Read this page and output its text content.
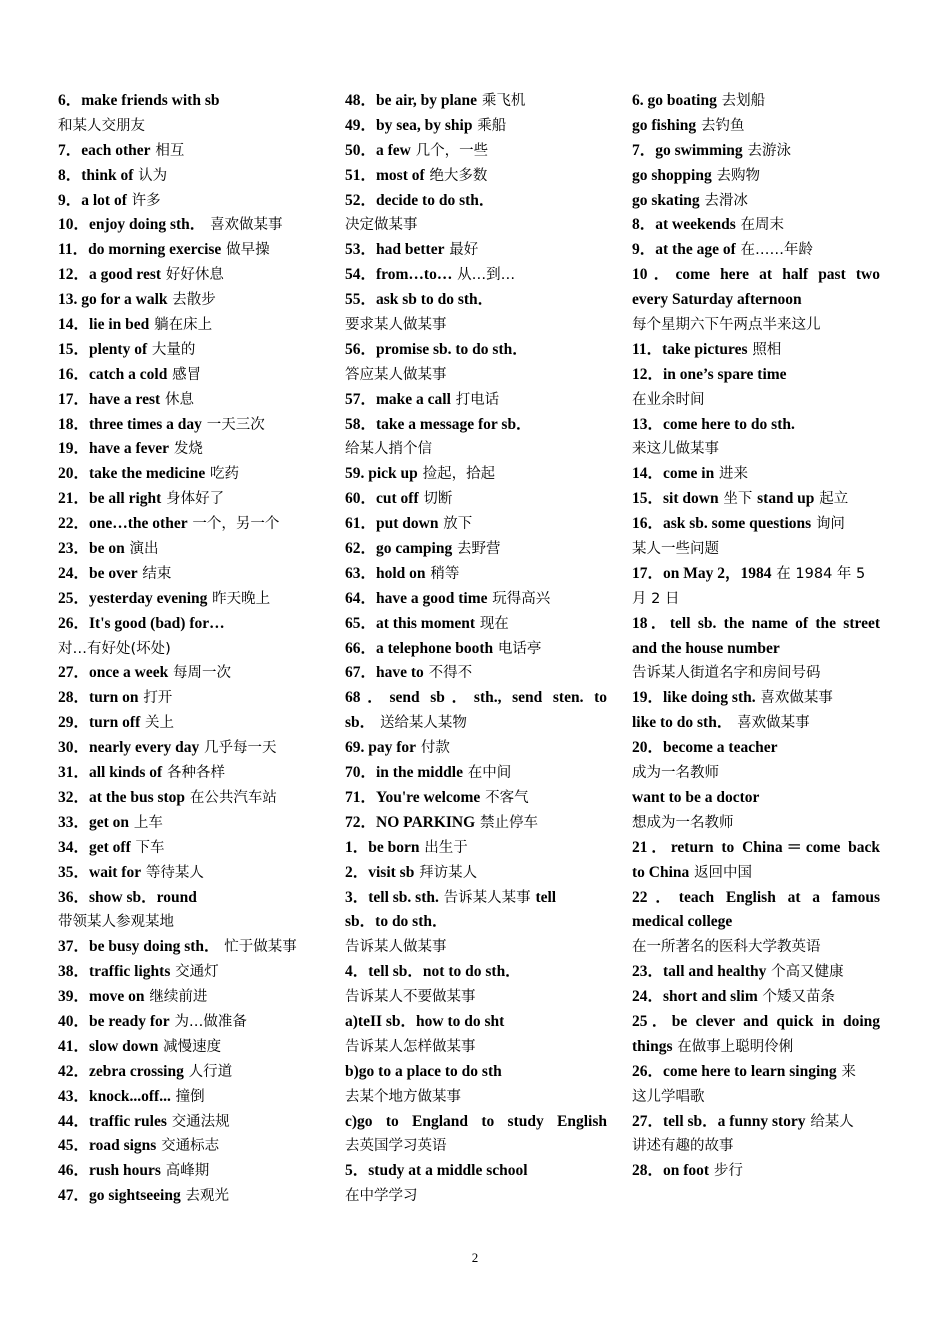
6．make friends with sb
和某人交朋友
7．each other 相互
8．think of 认为
9．a lot of 许多
10．enjoy doing sth． 喜欢做某事
11．do morning exercise 做早操
12．a good rest 好好休息
13. go for a walk 去散步
14．lie in bed 躺在床上
15．plenty of 大量的
16．catch a cold 感冒
17．have a rest 休息
18．three times a day 一天三次
19．have a fever 发烧
20．take the medicine 吃药
21．be all right 身体好了
22．one…the other 一个，另一个
23．be on 演出
24．be over 结束
25．yesterday evening 昨天晚上
26．It's good (bad) for…
对…有好处(坏处)
27．once a week 每周一次
28．turn on 打开
29．turn off 关上
30．nearly every day 几乎每一天
31．all kinds of 各种各样
32．at the bus stop 在公共汽车站
33．get on 上车
34．get off 下车
35．wait for 等待某人
36．show sb．round
带领某人参观某地
37．be busy doing sth． 忙于做某事
38．traffic lights 交通灯
39．move on 继续前进
40．be ready for 为…做准备
41．slow down 减慢速度
42．zebra crossing 人行道
43．knock...off... 撞倒
44．traffic rules 交通法规
45．road signs 交通标志
46．rush hours 高峰期
47．go sightseeing 去观光
48．be air, by plane 乘飞机
49．by sea, by ship 乘船
50．a few 几个，一些
51．most of 绝大多数
52．decide to do sth．
决定做某事
53．had better 最好
54．from…to… 从…到…
55．ask sb to do sth．
要求某人做某事
56．promise sb. to do sth．
答应某人做某事
57．make a call 打电话
58．take a message for sb．
给某人捎个信
59. pick up 捡起，拾起
60．cut off 切断
61．put down 放下
62．go camping 去野营
63．hold on 稍等
64．have a good time 玩得高兴
65．at this moment 现在
66．a telephone booth 电话亭
67．have to 不得不
68．send sb．sth., send sten. to
sb． 送给某人某物
69. pay for 付款
70．in the middle 在中间
71．You're welcome 不客气
72．NO PARKING 禁止停车
1．be born 出生于
2．visit sb 拜访某人
3．tell sb. sth. 告诉某人某事 tell
sb．to do sth．
告诉某人做某事
4．tell sb．not to do sth．
告诉某人不要做某事
a)teII sb．how to do sht
告诉某人怎样做某事
b)go to a place to do sth
去某个地方做某事
c)go to England to study English
去英国学习英语
5．study at a middle school
在中学学习
6. go boating 去划船
go fishing 去钓鱼
7．go swimming 去游泳
go shopping 去购物
go skating 去滑冰
8．at weekends 在周末
9．at the age of 在……年龄
10．come here at half past two
every Saturday afternoon
每个星期六下午两点半来这儿
11．take pictures 照相
12．in one’s spare time
在业余时间
13．come here to do sth.
来这儿做某事
14．come in 进来
15．sit down 坐下 stand up 起立
16．ask sb. some questions 询问
某人一些问题
17．on May 2，1984 在 1984 年 5
月 2 日
18．tell sb. the name of the street
and the house number
告诉某人街道名字和房间号码
19．like doing sth. 喜欢做某事
like to do sth． 喜欢做某事
20．become a teacher
成为一名教师
want to be a doctor
想成为一名教师
21．return to China＝come back
to China 返回中国
22．teach English at a famous
medical college
在一所著名的医科大学教英语
23．tall and healthy 个高又健康
24．short and slim 个矮又苗条
25．be clever and quick in doing
things 在做事上聪明伶俐
26．come here to learn singing 来
这儿学唱歌
27．tell sb．a funny story 给某人
讲述有趣的故事
28．on foot 步行
2
